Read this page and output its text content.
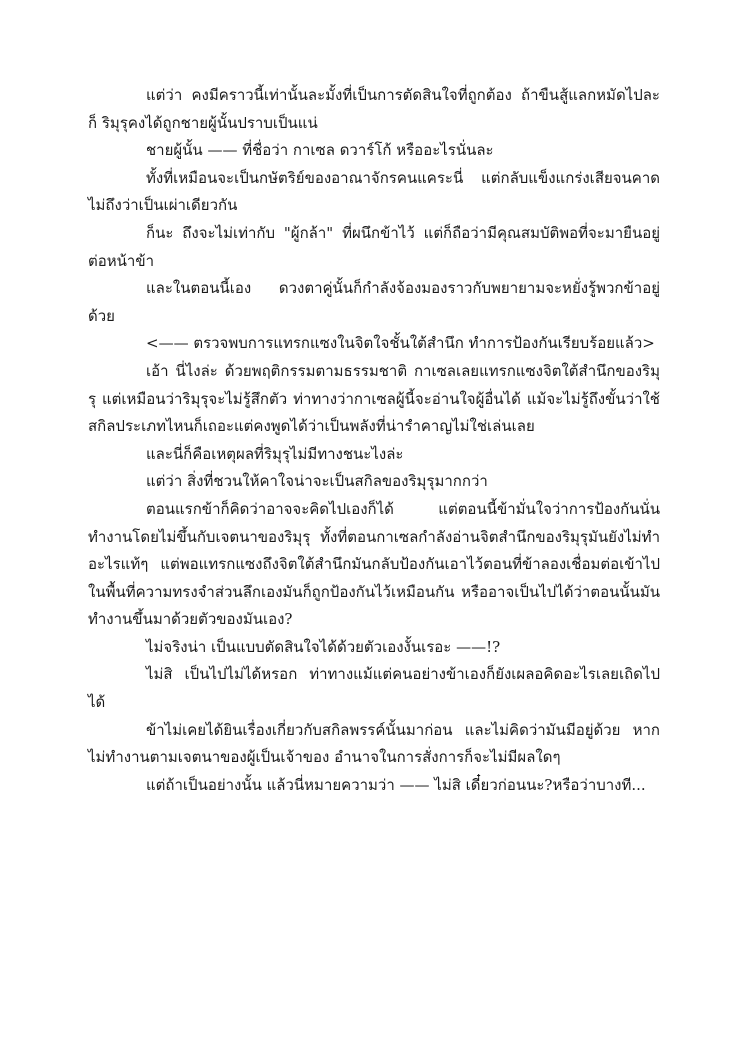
แต่ว่า คงมีคราวนี้เท่านั้นละมั้งที่เป็นการตัดสินใจที่ถูกต้อง ถ้าขืนสู้แลกหมัดไปละก็ ริมุรุคงได้ถูกชายผู้นั้นปราบเป็นแน่

ชายผู้นั้น —— ที่ชื่อว่า กาเซล ดวาร์โก้ หรืออะไรนั่นละ

ทั้งที่เหมือนจะเป็นกษัตริย์ของอาณาจักรคนแคระนี่ แต่กลับแข็งแกร่งเสียจนคาดไม่ถึงว่าเป็นเผ่าเดียวกัน

ก็นะ ถึงจะไม่เท่ากับ "ผู้กล้า" ที่ผนึกข้าไว้ แต่ก็ถือว่ามีคุณสมบัติพอที่จะมายืนอยู่ต่อหน้าข้า

และในตอนนี้เอง ดวงตาคู่นั้นก็กำลังจ้องมองราวกับพยายามจะหยั่งรู้พวกข้าอยู่ด้วย

<—— ตรวจพบการแทรกแซงในจิตใจชั้นใต้สำนึก ทำการป้องกันเรียบร้อยแล้ว>

เอ้า นี่ไงล่ะ ด้วยพฤติกรรมตามธรรมชาติ กาเซลเลยแทรกแซงจิตใต้สำนึกของริมุรุ แต่เหมือนว่าริมุรุจะไม่รู้สึกตัว ท่าทางว่ากาเซลผู้นี้จะอ่านใจผู้อื่นได้ แม้จะไม่รู้ถึงขั้นว่าใช้สกิลประเภทไหนก็เถอะแต่คงพูดได้ว่าเป็นพลังที่น่ารำคาญไม่ใช่เล่นเลย

และนี่ก็คือเหตุผลที่ริมุรุไม่มีทางชนะไงล่ะ

แต่ว่า สิ่งที่ชวนให้คาใจน่าจะเป็นสกิลของริมุรุมากกว่า

ตอนแรกข้าก็คิดว่าอาจจะคิดไปเองก็ได้ แต่ตอนนี้ข้ามั่นใจว่าการป้องกันนั่นทำงานโดยไม่ขึ้นกับเจตนาของริมุรุ ทั้งที่ตอนกาเซลกำลังอ่านจิตสำนึกของริมุรุมันยังไม่ทำอะไรแท้ๆ แต่พอแทรกแซงถึงจิตใต้สำนึกมันกลับป้องกันเอาไว้ตอนที่ข้าลองเชื่อมต่อเข้าไปในพื้นที่ความทรงจำส่วนลึกเองมันก็ถูกป้องกันไว้เหมือนกัน หรืออาจเป็นไปได้ว่าตอนนั้นมันทำงานขึ้นมาด้วยตัวของมันเอง?

ไม่จริงน่า เป็นแบบตัดสินใจได้ด้วยตัวเองงั้นเรอะ ——!?

ไม่สิ เป็นไปไม่ได้หรอก ท่าทางแม้แต่คนอย่างข้าเองก็ยังเผลอคิดอะไรเลยเถิดไปได้

ข้าไม่เคยได้ยินเรื่องเกี่ยวกับสกิลพรรค์นั้นมาก่อน และไม่คิดว่ามันมีอยู่ด้วย หากไม่ทำงานตามเจตนาของผู้เป็นเจ้าของ อำนาจในการสั่งการก็จะไม่มีผลใดๆ

แต่ถ้าเป็นอย่างนั้น แล้วนี่หมายความว่า —— ไม่สิ เดี๋ยวก่อนนะ?หรือว่าบางที...
